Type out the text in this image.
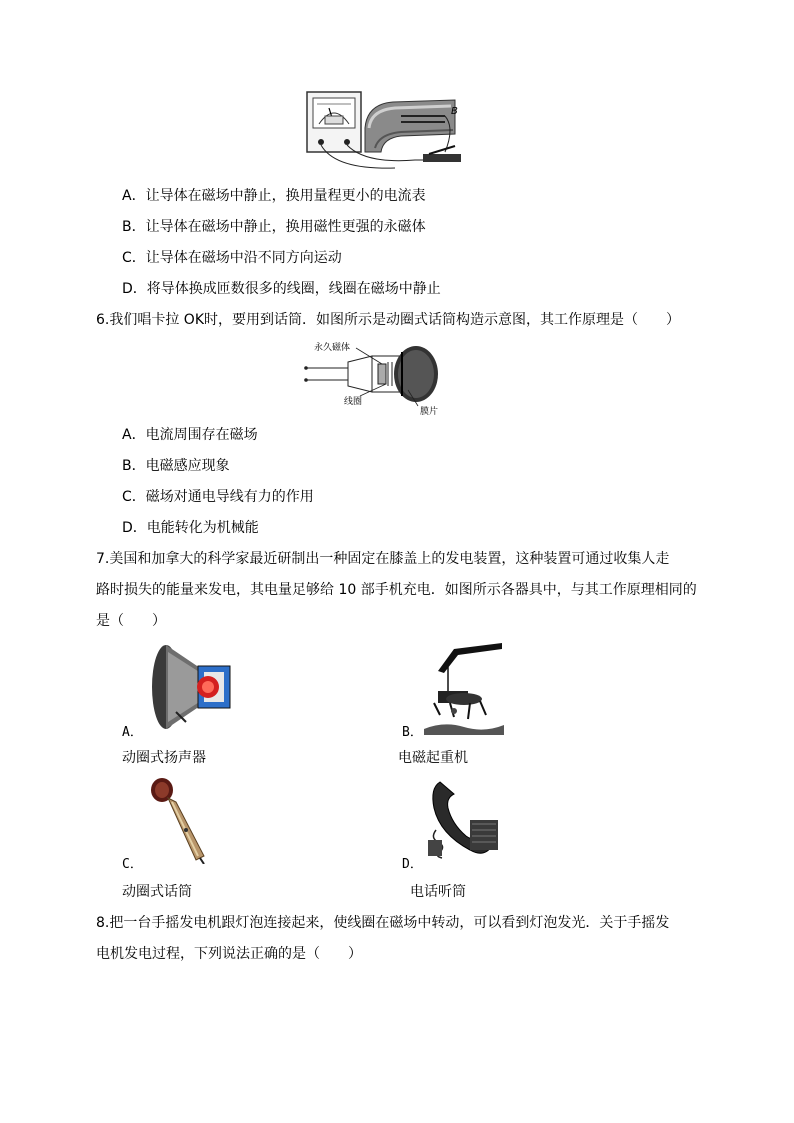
B
A．让导体在磁场中静止，换用量程更小的电流表
B．让导体在磁场中静止，换用磁性更强的永磁体
C．让导体在磁场中沿不同方向运动
D．将导体换成匝数很多的线圈，线圈在磁场中静止
6.我们唱卡拉 OK时，要用到话筒．如图所示是动圈式话筒构造示意图，其工作原理是（　　）
永久磁体
线圈
膜片
A．电流周围存在磁场
B．电磁感应现象
C．磁场对通电导线有力的作用
D．电能转化为机械能
7.美国和加拿大的科学家最近研制出一种固定在膝盖上的发电装置，这种装置可通过收集人走
路时损失的能量来发电，其电量足够给 10 部手机充电．如图所示各器具中，与其工作原理相同的
是（　　）
A．
动圈式扬声器
B．
电磁起重机
C．
动圈式话筒
D．
电话听筒
8.把一台手摇发电机跟灯泡连接起来，使线圈在磁场中转动，可以看到灯泡发光．关于手摇发
电机发电过程，下列说法正确的是（　　）
